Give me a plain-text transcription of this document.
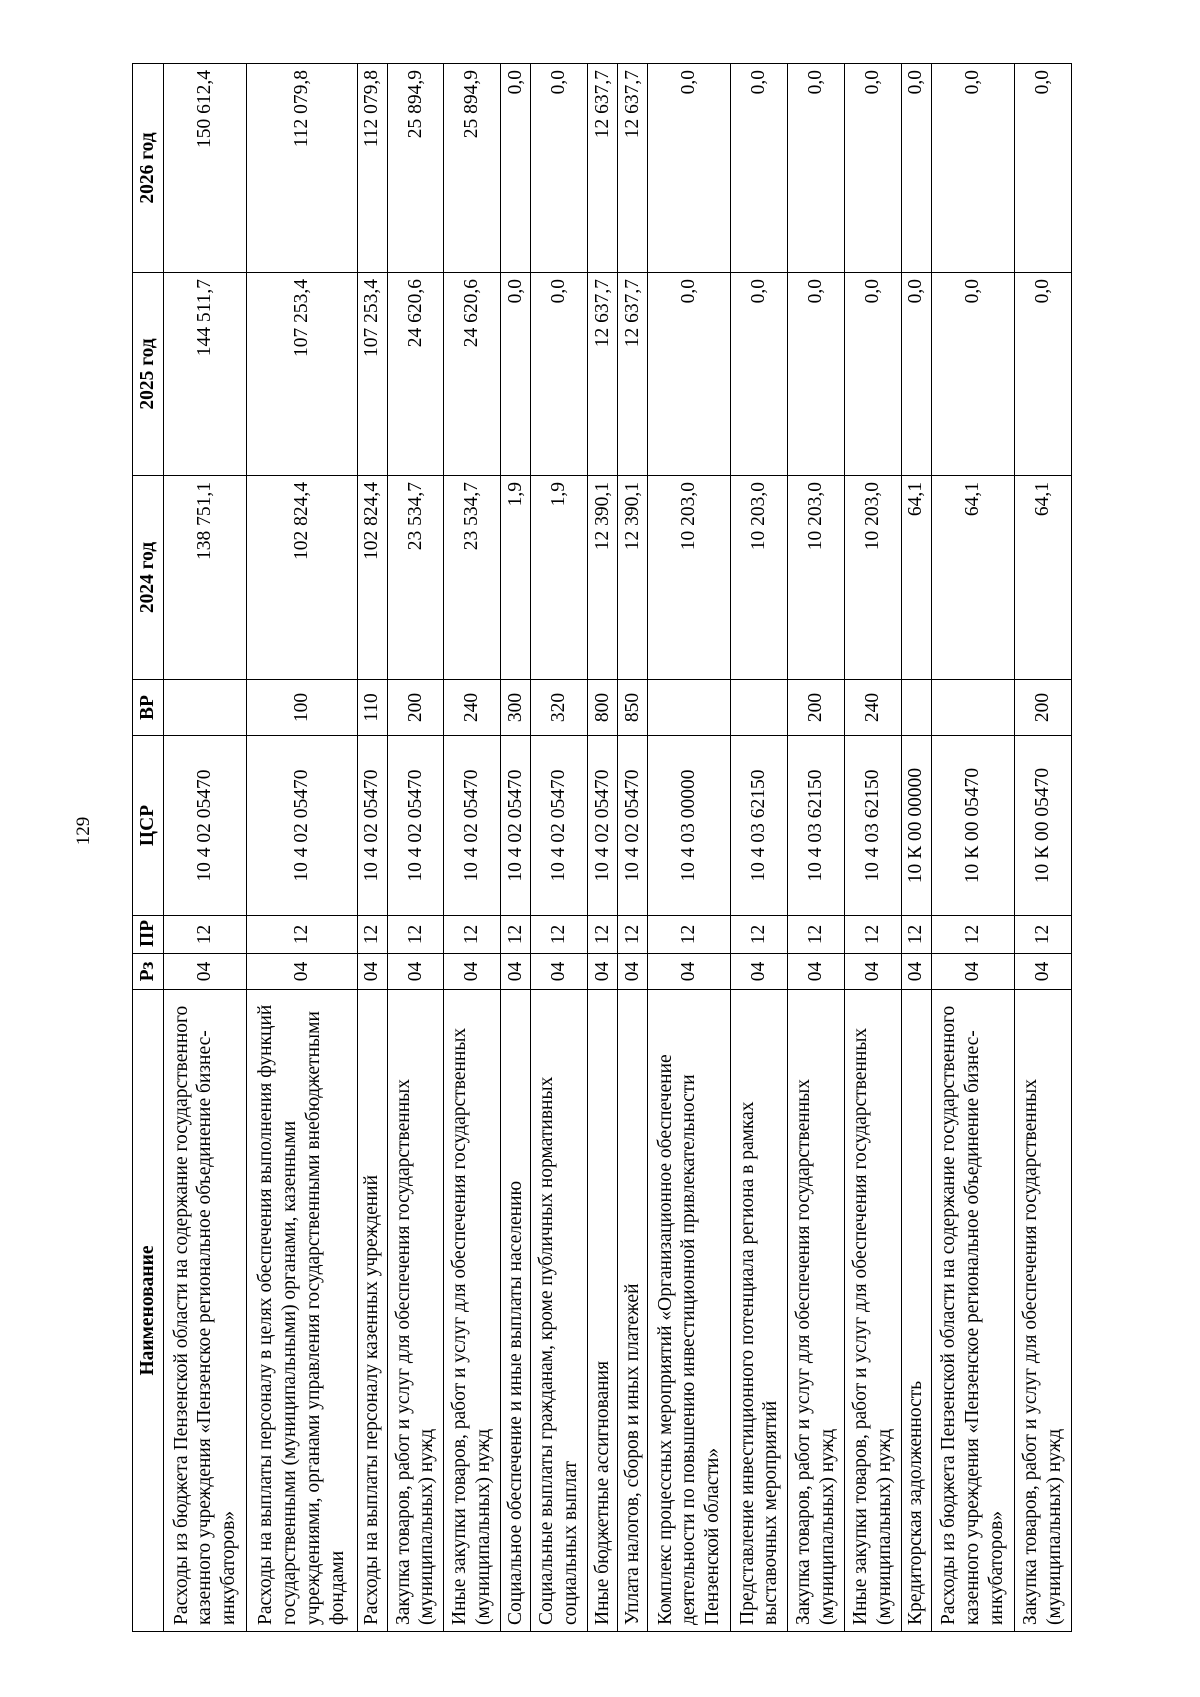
129
Наименование	Рз	ПР	ЦСР	ВР	2024 год	2025 год	2026 год
Расходы из бюджета Пензенской области на содержание государственного казенного учреждения «Пензенское региональное объединение бизнес-инкубаторов»	04	12	10 4 02 05470		138 751,1	144 511,7	150 612,4
Расходы на выплаты персоналу в целях обеспечения выполнения функций государственными (муниципальными) органами, казенными учреждениями, органами управления государственными внебюджетными фондами	04	12	10 4 02 05470	100	102 824,4	107 253,4	112 079,8
Расходы на выплаты персоналу казенных учреждений	04	12	10 4 02 05470	110	102 824,4	107 253,4	112 079,8
Закупка товаров, работ и услуг для обеспечения государственных (муниципальных) нужд	04	12	10 4 02 05470	200	23 534,7	24 620,6	25 894,9
Иные закупки товаров, работ и услуг для обеспечения государственных (муниципальных) нужд	04	12	10 4 02 05470	240	23 534,7	24 620,6	25 894,9
Социальное обеспечение и иные выплаты населению	04	12	10 4 02 05470	300	1,9	0,0	0,0
Социальные выплаты гражданам, кроме публичных нормативных социальных выплат	04	12	10 4 02 05470	320	1,9	0,0	0,0
Иные бюджетные ассигнования	04	12	10 4 02 05470	800	12 390,1	12 637,7	12 637,7
Уплата налогов, сборов и иных платежей	04	12	10 4 02 05470	850	12 390,1	12 637,7	12 637,7
Комплекс процессных мероприятий «Организационное обеспечение деятельности по повышению инвестиционной привлекательности Пензенской области»	04	12	10 4 03 00000		10 203,0	0,0	0,0
Представление инвестиционного потенциала региона в рамках выставочных мероприятий	04	12	10 4 03 62150		10 203,0	0,0	0,0
Закупка товаров, работ и услуг для обеспечения государственных (муниципальных) нужд	04	12	10 4 03 62150	200	10 203,0	0,0	0,0
Иные закупки товаров, работ и услуг для обеспечения государственных (муниципальных) нужд	04	12	10 4 03 62150	240	10 203,0	0,0	0,0
Кредиторская задолженность	04	12	10 К 00 00000		64,1	0,0	0,0
Расходы из бюджета Пензенской области на содержание государственного казенного учреждения «Пензенское региональное объединение бизнес-инкубаторов»	04	12	10 К 00 05470		64,1	0,0	0,0
Закупка товаров, работ и услуг для обеспечения государственных (муниципальных) нужд	04	12	10 К 00 05470	200	64,1	0,0	0,0
